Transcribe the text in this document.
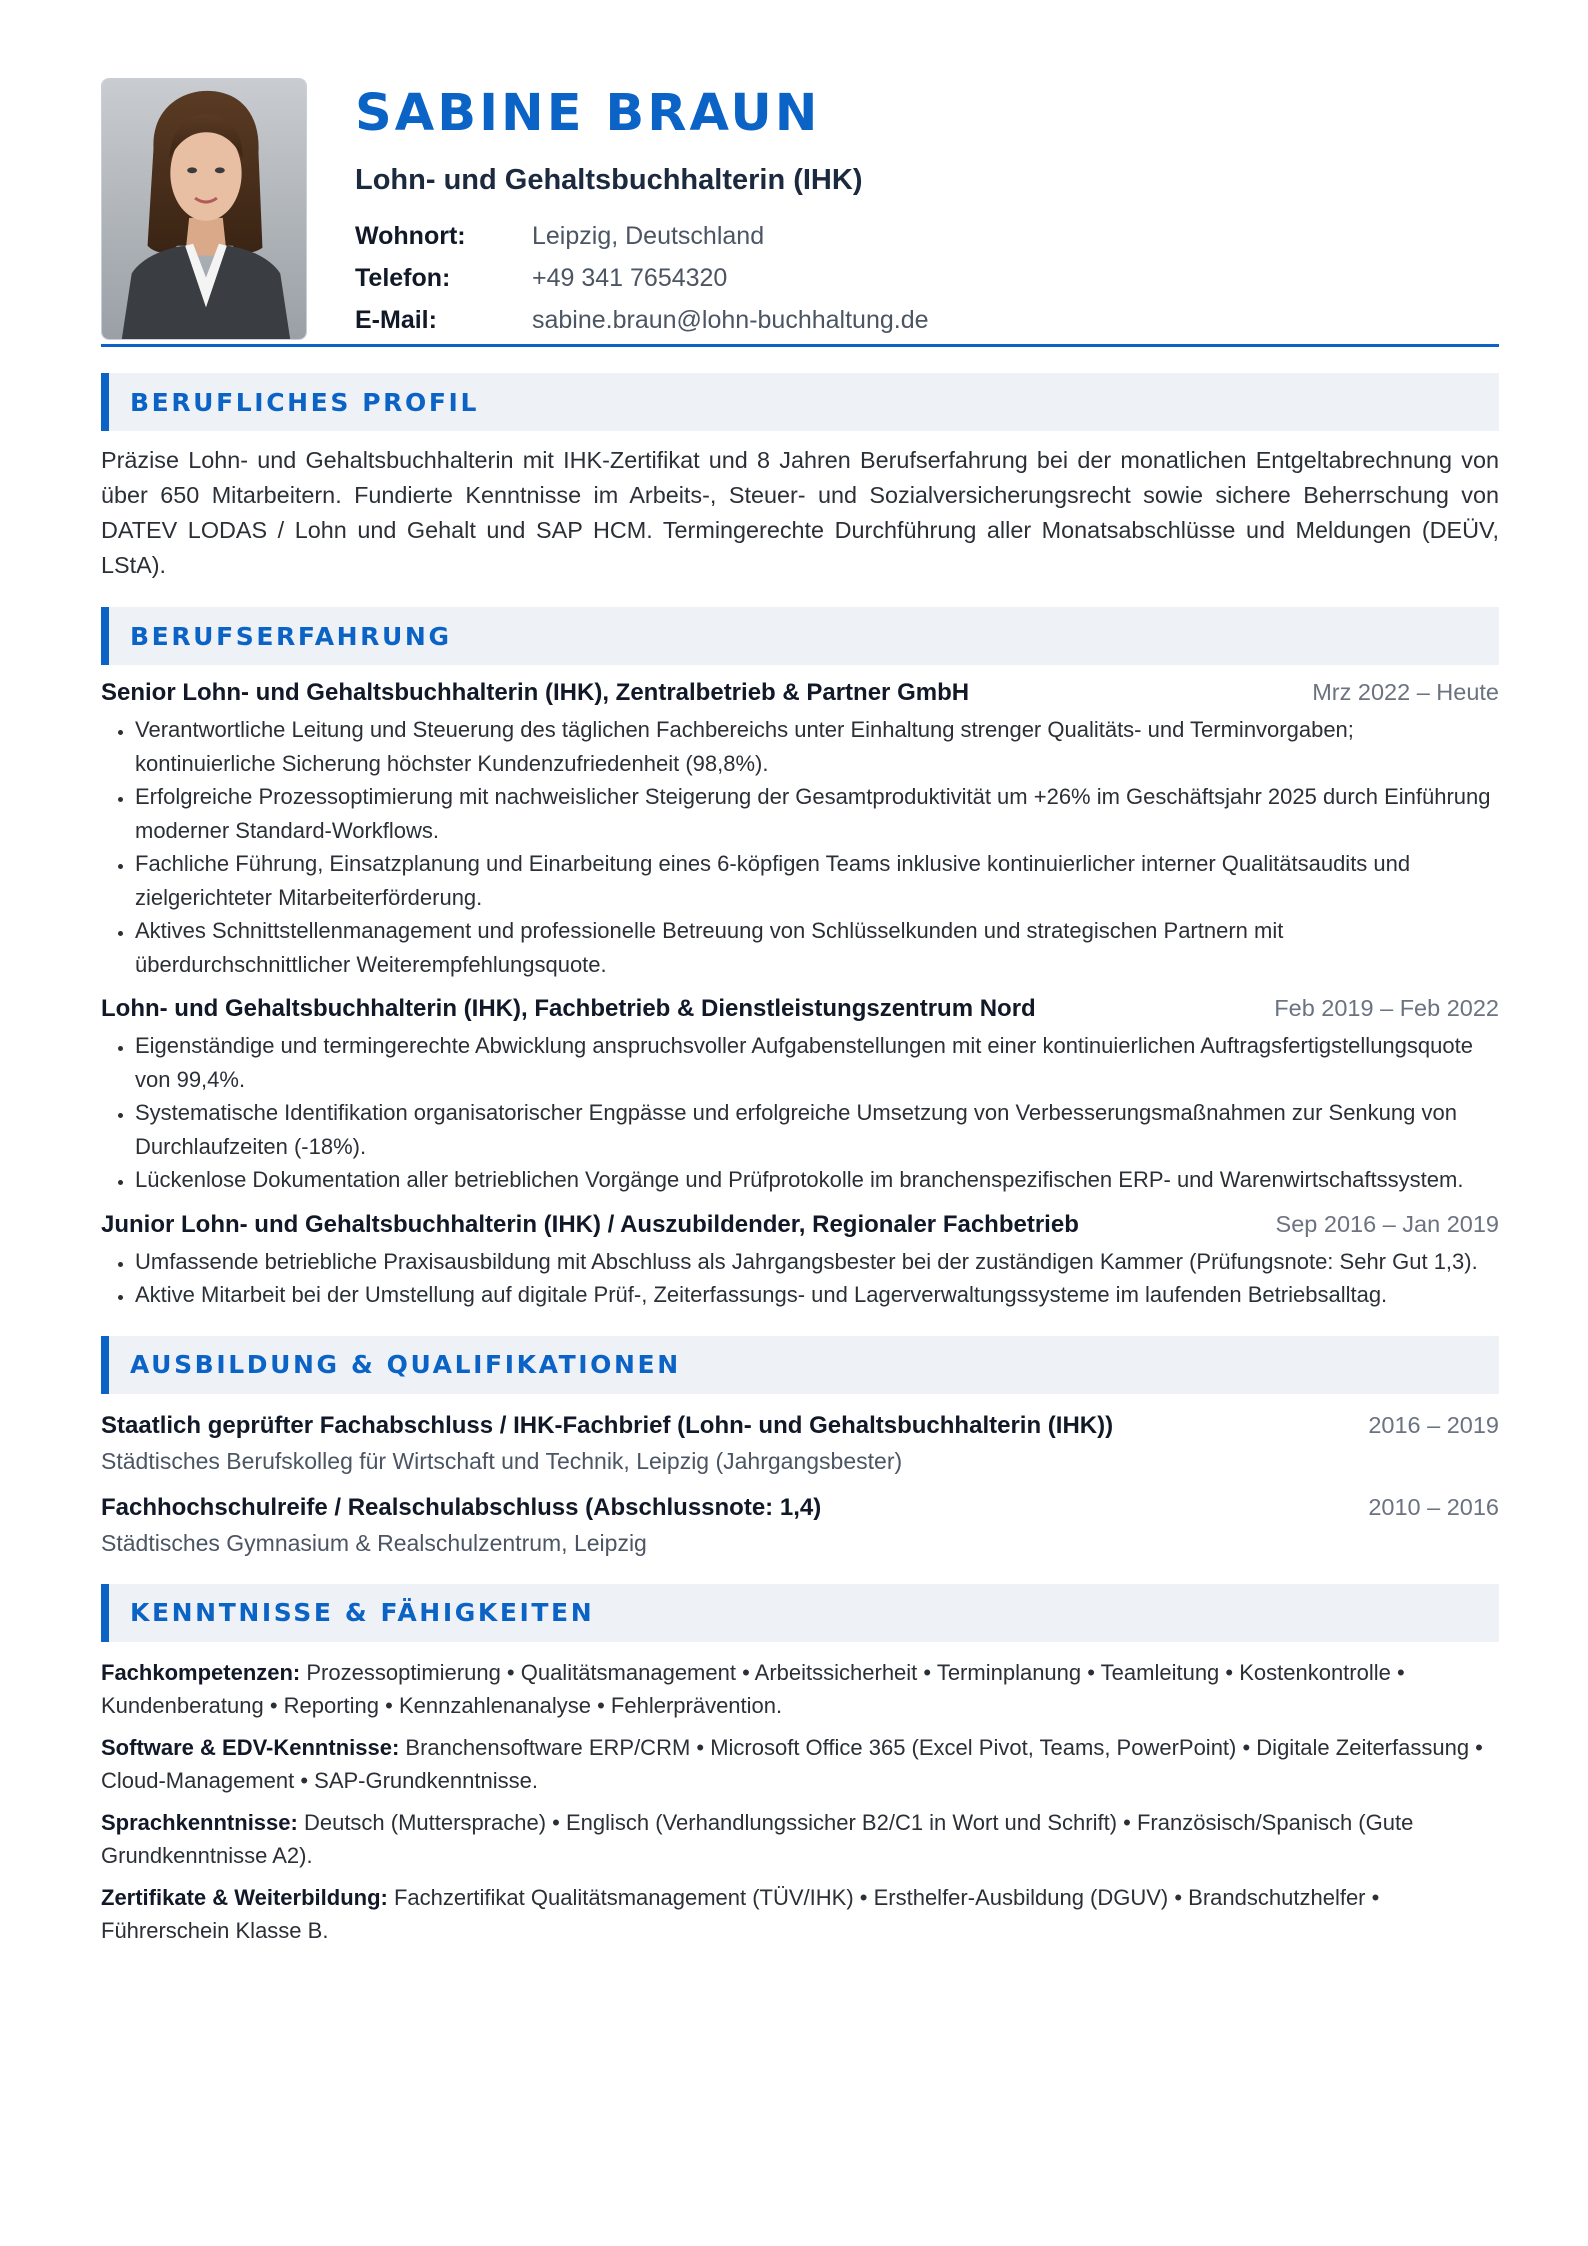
SABINE BRAUN
Lohn- und Gehaltsbuchhalterin (IHK)
Wohnort:	Leipzig, Deutschland
Telefon:	+49 341 7654320
E-Mail:	sabine.braun@lohn-buchhaltung.de
BERUFLICHES PROFIL

Präzise Lohn- und Gehaltsbuchhalterin mit IHK-Zertifikat und 8 Jahren Berufserfahrung bei der monatlichen Entgeltabrechnung von über 650 Mitarbeitern. Fundierte Kenntnisse im Arbeits-, Steuer- und Sozialversicherungsrecht sowie sichere Beherrschung von DATEV LODAS / Lohn und Gehalt und SAP HCM. Termingerechte Durchführung aller Monatsabschlüsse und Meldungen (DEÜV, LStA).

BERUFSERFAHRUNG
Senior Lohn- und Gehaltsbuchhalterin (IHK), Zentralbetrieb & Partner GmbH	Mrz 2022 – Heute
• Verantwortliche Leitung und Steuerung des täglichen Fachbereichs unter Einhaltung strenger Qualitäts- und Terminvorgaben; kontinuierliche Sicherung höchster Kundenzufriedenheit (98,8%).
• Erfolgreiche Prozessoptimierung mit nachweislicher Steigerung der Gesamtproduktivität um +26% im Geschäftsjahr 2025 durch Einführung moderner Standard-Workflows.
• Fachliche Führung, Einsatzplanung und Einarbeitung eines 6-köpfigen Teams inklusive kontinuierlicher interner Qualitätsaudits und zielgerichteter Mitarbeiterförderung.
• Aktives Schnittstellenmanagement und professionelle Betreuung von Schlüsselkunden und strategischen Partnern mit überdurchschnittlicher Weiterempfehlungsquote.
Lohn- und Gehaltsbuchhalterin (IHK), Fachbetrieb & Dienstleistungszentrum Nord	Feb 2019 – Feb 2022
• Eigenständige und termingerechte Abwicklung anspruchsvoller Aufgabenstellungen mit einer kontinuierlichen Auftragsfertigstellungsquote von 99,4%.
• Systematische Identifikation organisatorischer Engpässe und erfolgreiche Umsetzung von Verbesserungsmaßnahmen zur Senkung von Durchlaufzeiten (-18%).
• Lückenlose Dokumentation aller betrieblichen Vorgänge und Prüfprotokolle im branchenspezifischen ERP- und Warenwirtschaftssystem.
Junior Lohn- und Gehaltsbuchhalterin (IHK) / Auszubildender, Regionaler Fachbetrieb	Sep 2016 – Jan 2019
• Umfassende betriebliche Praxisausbildung mit Abschluss als Jahrgangsbester bei der zuständigen Kammer (Prüfungsnote: Sehr Gut 1,3).
• Aktive Mitarbeit bei der Umstellung auf digitale Prüf-, Zeiterfassungs- und Lagerverwaltungssysteme im laufenden Betriebsalltag.
AUSBILDUNG & QUALIFIKATIONEN
Staatlich geprüfter Fachabschluss / IHK-Fachbrief (Lohn- und Gehaltsbuchhalterin (IHK))	2016 – 2019
Städtisches Berufskolleg für Wirtschaft und Technik, Leipzig (Jahrgangsbester)
Fachhochschulreife / Realschulabschluss (Abschlussnote: 1,4)	2010 – 2016
Städtisches Gymnasium & Realschulzentrum, Leipzig
KENNTNISSE & FÄHIGKEITEN
Fachkompetenzen: Prozessoptimierung • Qualitätsmanagement • Arbeitssicherheit • Terminplanung • Teamleitung • Kostenkontrolle • Kundenberatung • Reporting • Kennzahlenanalyse • Fehlerprävention.
Software & EDV-Kenntnisse: Branchensoftware ERP/CRM • Microsoft Office 365 (Excel Pivot, Teams, PowerPoint) • Digitale Zeiterfassung • Cloud-Management • SAP-Grundkenntnisse.
Sprachkenntnisse: Deutsch (Muttersprache) • Englisch (Verhandlungssicher B2/C1 in Wort und Schrift) • Französisch/Spanisch (Gute Grundkenntnisse A2).
Zertifikate & Weiterbildung: Fachzertifikat Qualitätsmanagement (TÜV/IHK) • Ersthelfer-Ausbildung (DGUV) • Brandschutzhelfer • Führerschein Klasse B.
